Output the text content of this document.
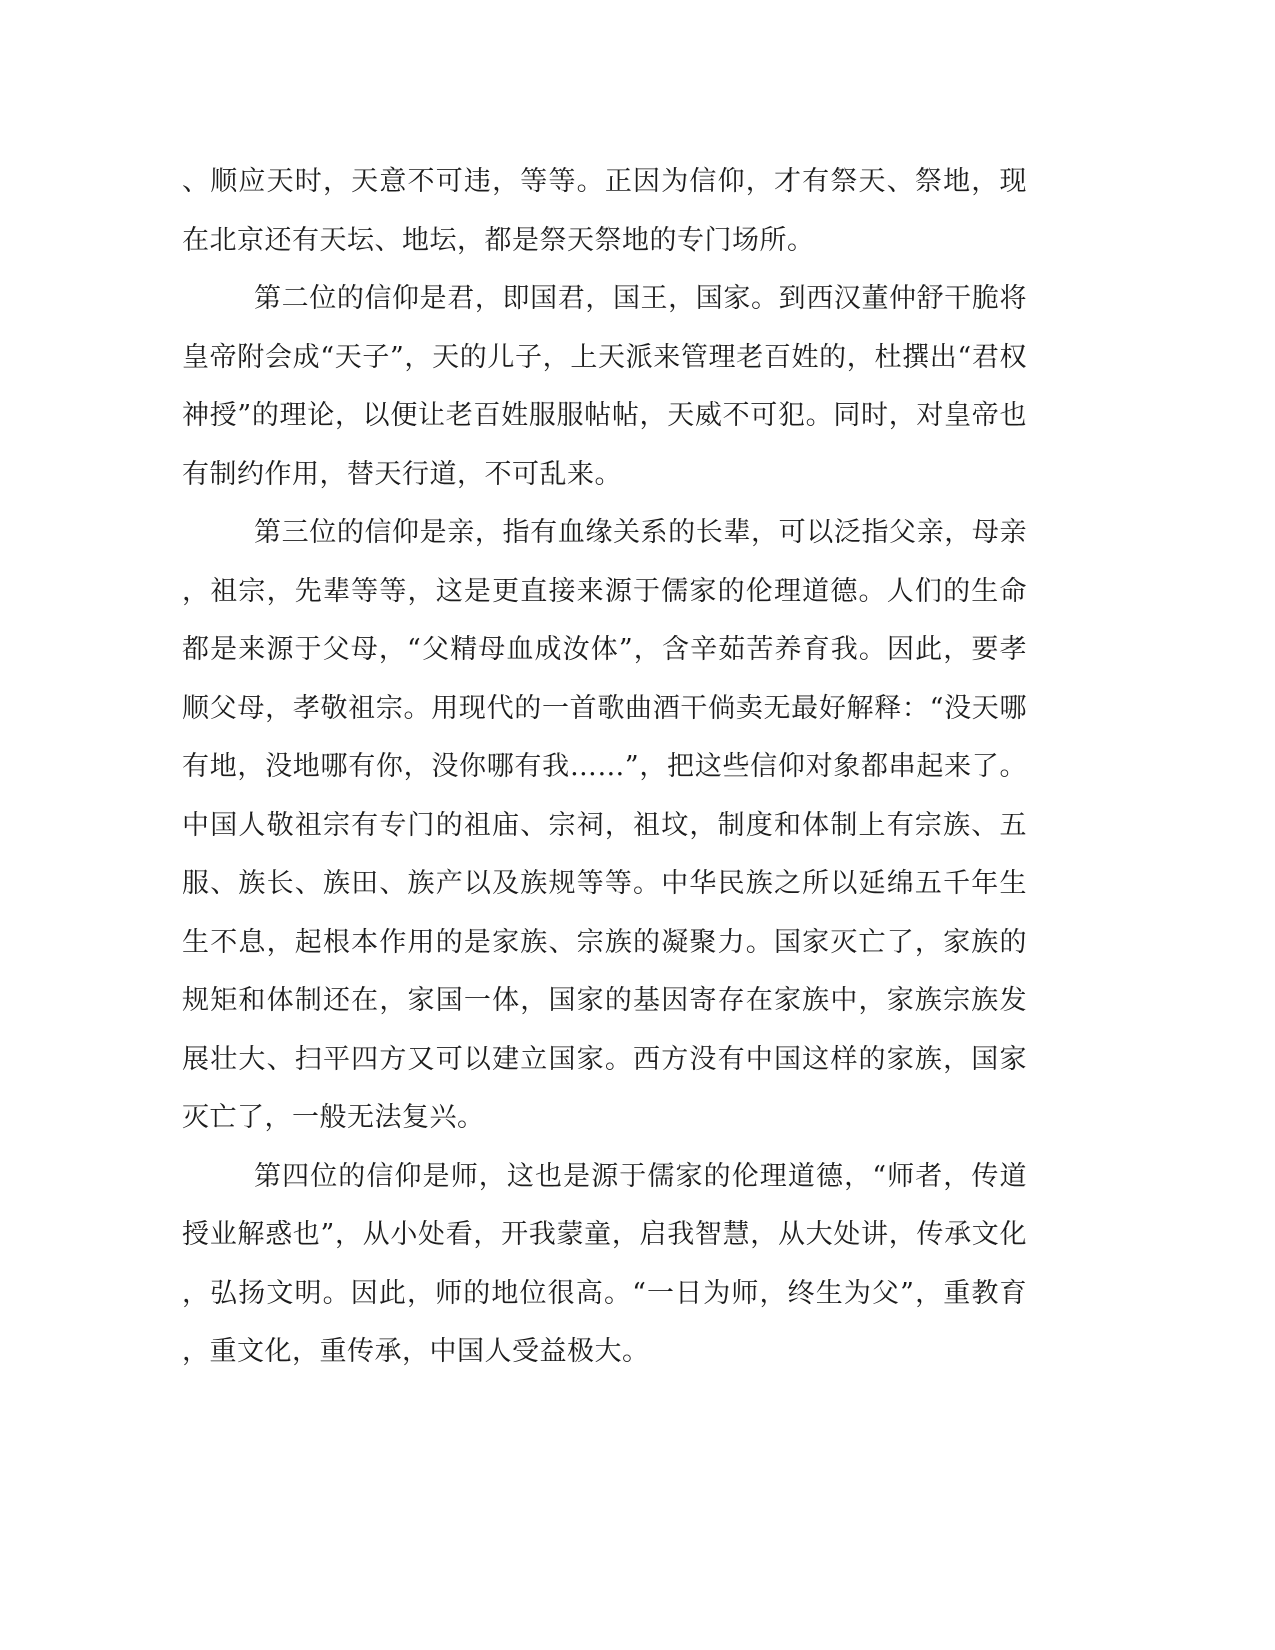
、顺应天时，天意不可违，等等。正因为信仰，才有祭天、祭地，现
在北京还有天坛、地坛，都是祭天祭地的专门场所。
第二位的信仰是君，即国君，国王，国家。到西汉董仲舒干脆将
皇帝附会成“天子”，天的儿子，上天派来管理老百姓的，杜撰出“君权
神授”的理论，以便让老百姓服服帖帖，天威不可犯。同时，对皇帝也
有制约作用，替天行道，不可乱来。
第三位的信仰是亲，指有血缘关系的长辈，可以泛指父亲，母亲
，祖宗，先辈等等，这是更直接来源于儒家的伦理道德。人们的生命
都是来源于父母，“父精母血成汝体”，含辛茹苦养育我。因此，要孝
顺父母，孝敬祖宗。用现代的一首歌曲酒干倘卖无最好解释：“没天哪
有地，没地哪有你，没你哪有我……”，把这些信仰对象都串起来了。
中国人敬祖宗有专门的祖庙、宗祠，祖坟，制度和体制上有宗族、五
服、族长、族田、族产以及族规等等。中华民族之所以延绵五千年生
生不息，起根本作用的是家族、宗族的凝聚力。国家灭亡了，家族的
规矩和体制还在，家国一体，国家的基因寄存在家族中，家族宗族发
展壮大、扫平四方又可以建立国家。西方没有中国这样的家族，国家
灭亡了，一般无法复兴。
第四位的信仰是师，这也是源于儒家的伦理道德，“师者，传道
授业解惑也”，从小处看，开我蒙童，启我智慧，从大处讲，传承文化
，弘扬文明。因此，师的地位很高。“一日为师，终生为父”，重教育
，重文化，重传承，中国人受益极大。
